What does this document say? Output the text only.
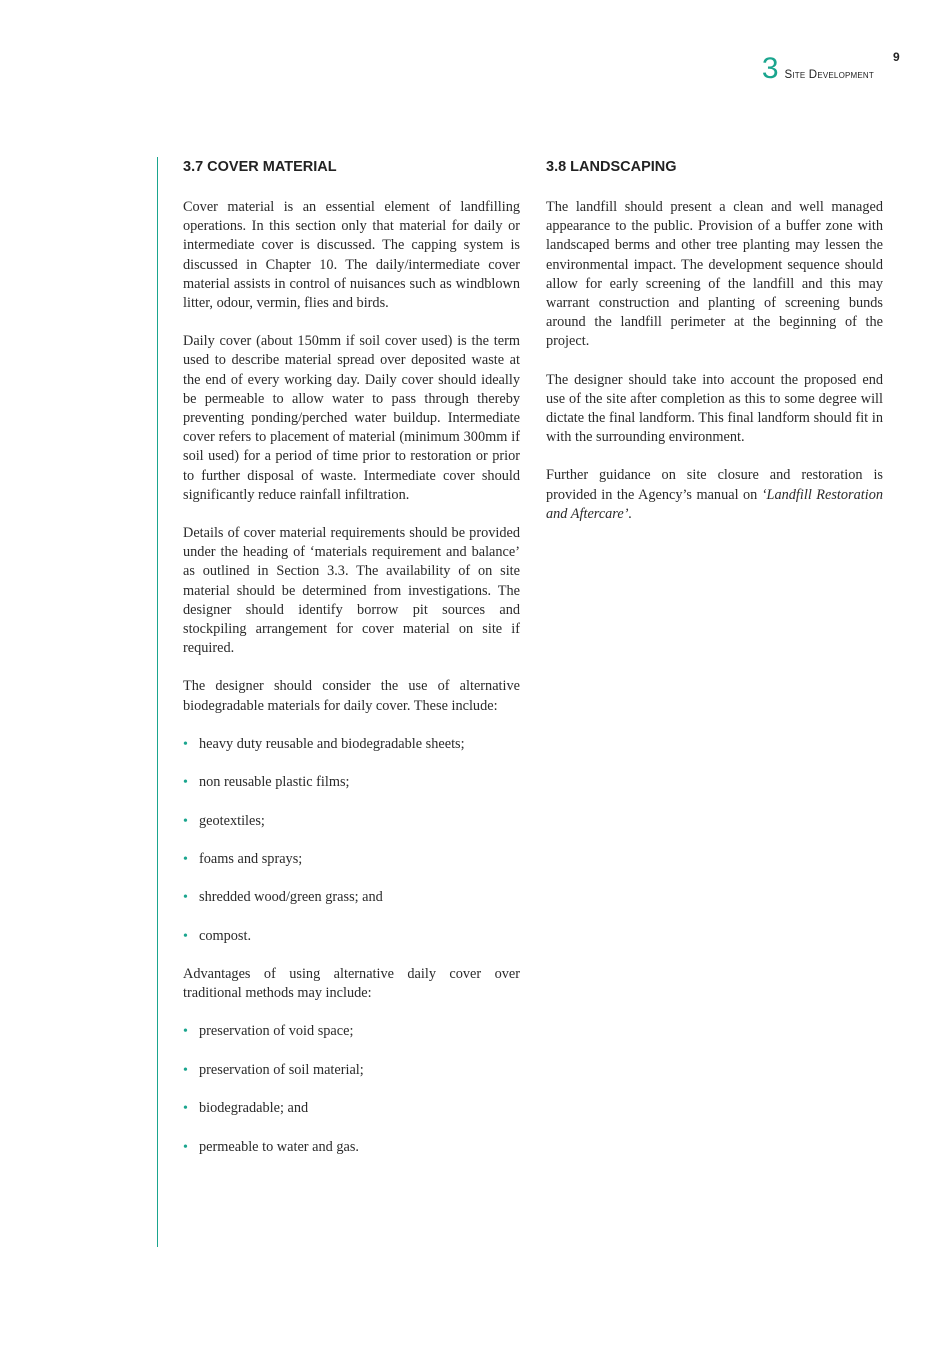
9
3 Site Development
3.7 COVER MATERIAL

Cover material is an essential element of landfilling operations. In this section only that material for daily or intermediate cover is discussed. The capping system is discussed in Chapter 10. The daily/intermediate cover material assists in control of nuisances such as windblown litter, odour, vermin, flies and birds.

Daily cover (about 150mm if soil cover used) is the term used to describe material spread over deposited waste at the end of every working day. Daily cover should ideally be permeable to allow water to pass through thereby preventing ponding/perched water buildup. Intermediate cover refers to placement of material (minimum 300mm if soil used) for a period of time prior to restoration or prior to further disposal of waste. Intermediate cover should significantly reduce rainfall infiltration.

Details of cover material requirements should be provided under the heading of ‘materials requirement and balance’ as outlined in Section 3.3. The availability of on site material should be determined from investigations. The designer should identify borrow pit sources and stockpiling arrangement for cover material on site if required.

The designer should consider the use of alternative biodegradable materials for daily cover. These include:

• heavy duty reusable and biodegradable sheets;
• non reusable plastic films;
• geotextiles;
• foams and sprays;
• shredded wood/green grass; and
• compost.

Advantages of using alternative daily cover over traditional methods may include:

• preservation of void space;
• preservation of soil material;
• biodegradable; and
• permeable to water and gas.
3.8 LANDSCAPING

The landfill should present a clean and well managed appearance to the public. Provision of a buffer zone with landscaped berms and other tree planting may lessen the environmental impact. The development sequence should allow for early screening of the landfill and this may warrant construction and planting of screening bunds around the landfill perimeter at the beginning of the project.

The designer should take into account the proposed end use of the site after completion as this to some degree will dictate the final landform. This final landform should fit in with the surrounding environment.

Further guidance on site closure and restoration is provided in the Agency’s manual on ‘Landfill Restoration and Aftercare’.
